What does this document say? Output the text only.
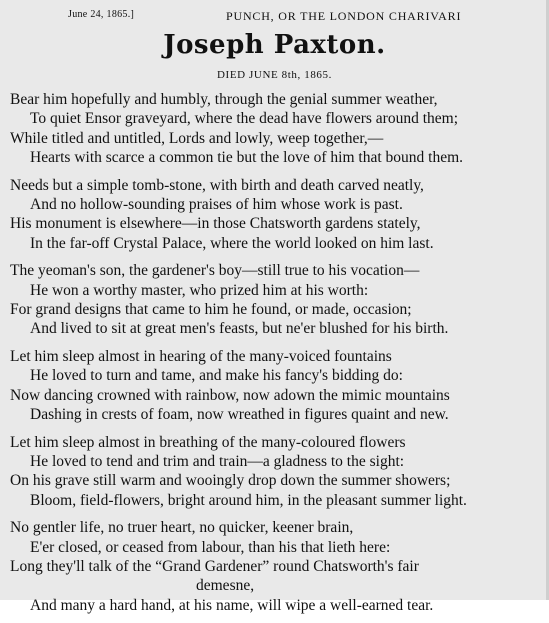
June 24, 1865.]	PUNCH, OR THE LONDON CHARIVARI
Joseph Paxton.
DIED JUNE 8th, 1865.
Bear him hopefully and humbly, through the genial summer weather,
To quiet Ensor graveyard, where the dead have flowers around them;
While titled and untitled, Lords and lowly, weep together,—
Hearts with scarce a common tie but the love of him that bound them.
Needs but a simple tomb-stone, with birth and death carved neatly,
And no hollow-sounding praises of him whose work is past.
His monument is elsewhere—in those Chatsworth gardens stately,
In the far-off Crystal Palace, where the world looked on him last.
The yeoman's son, the gardener's boy—still true to his vocation—
He won a worthy master, who prized him at his worth:
For grand designs that came to him he found, or made, occasion;
And lived to sit at great men's feasts, but ne'er blushed for his birth.
Let him sleep almost in hearing of the many-voiced fountains
He loved to turn and tame, and make his fancy's bidding do:
Now dancing crowned with rainbow, now adown the mimic mountains
Dashing in crests of foam, now wreathed in figures quaint and new.
Let him sleep almost in breathing of the many-coloured flowers
He loved to tend and trim and train—a gladness to the sight:
On his grave still warm and wooingly drop down the summer showers;
Bloom, field-flowers, bright around him, in the pleasant summer light.
No gentler life, no truer heart, no quicker, keener brain,
E'er closed, or ceased from labour, than his that lieth here:
Long they'll talk of the “Grand Gardener” round Chatsworth's fair
demesne,
And many a hard hand, at his name, will wipe a well-earned tear.
